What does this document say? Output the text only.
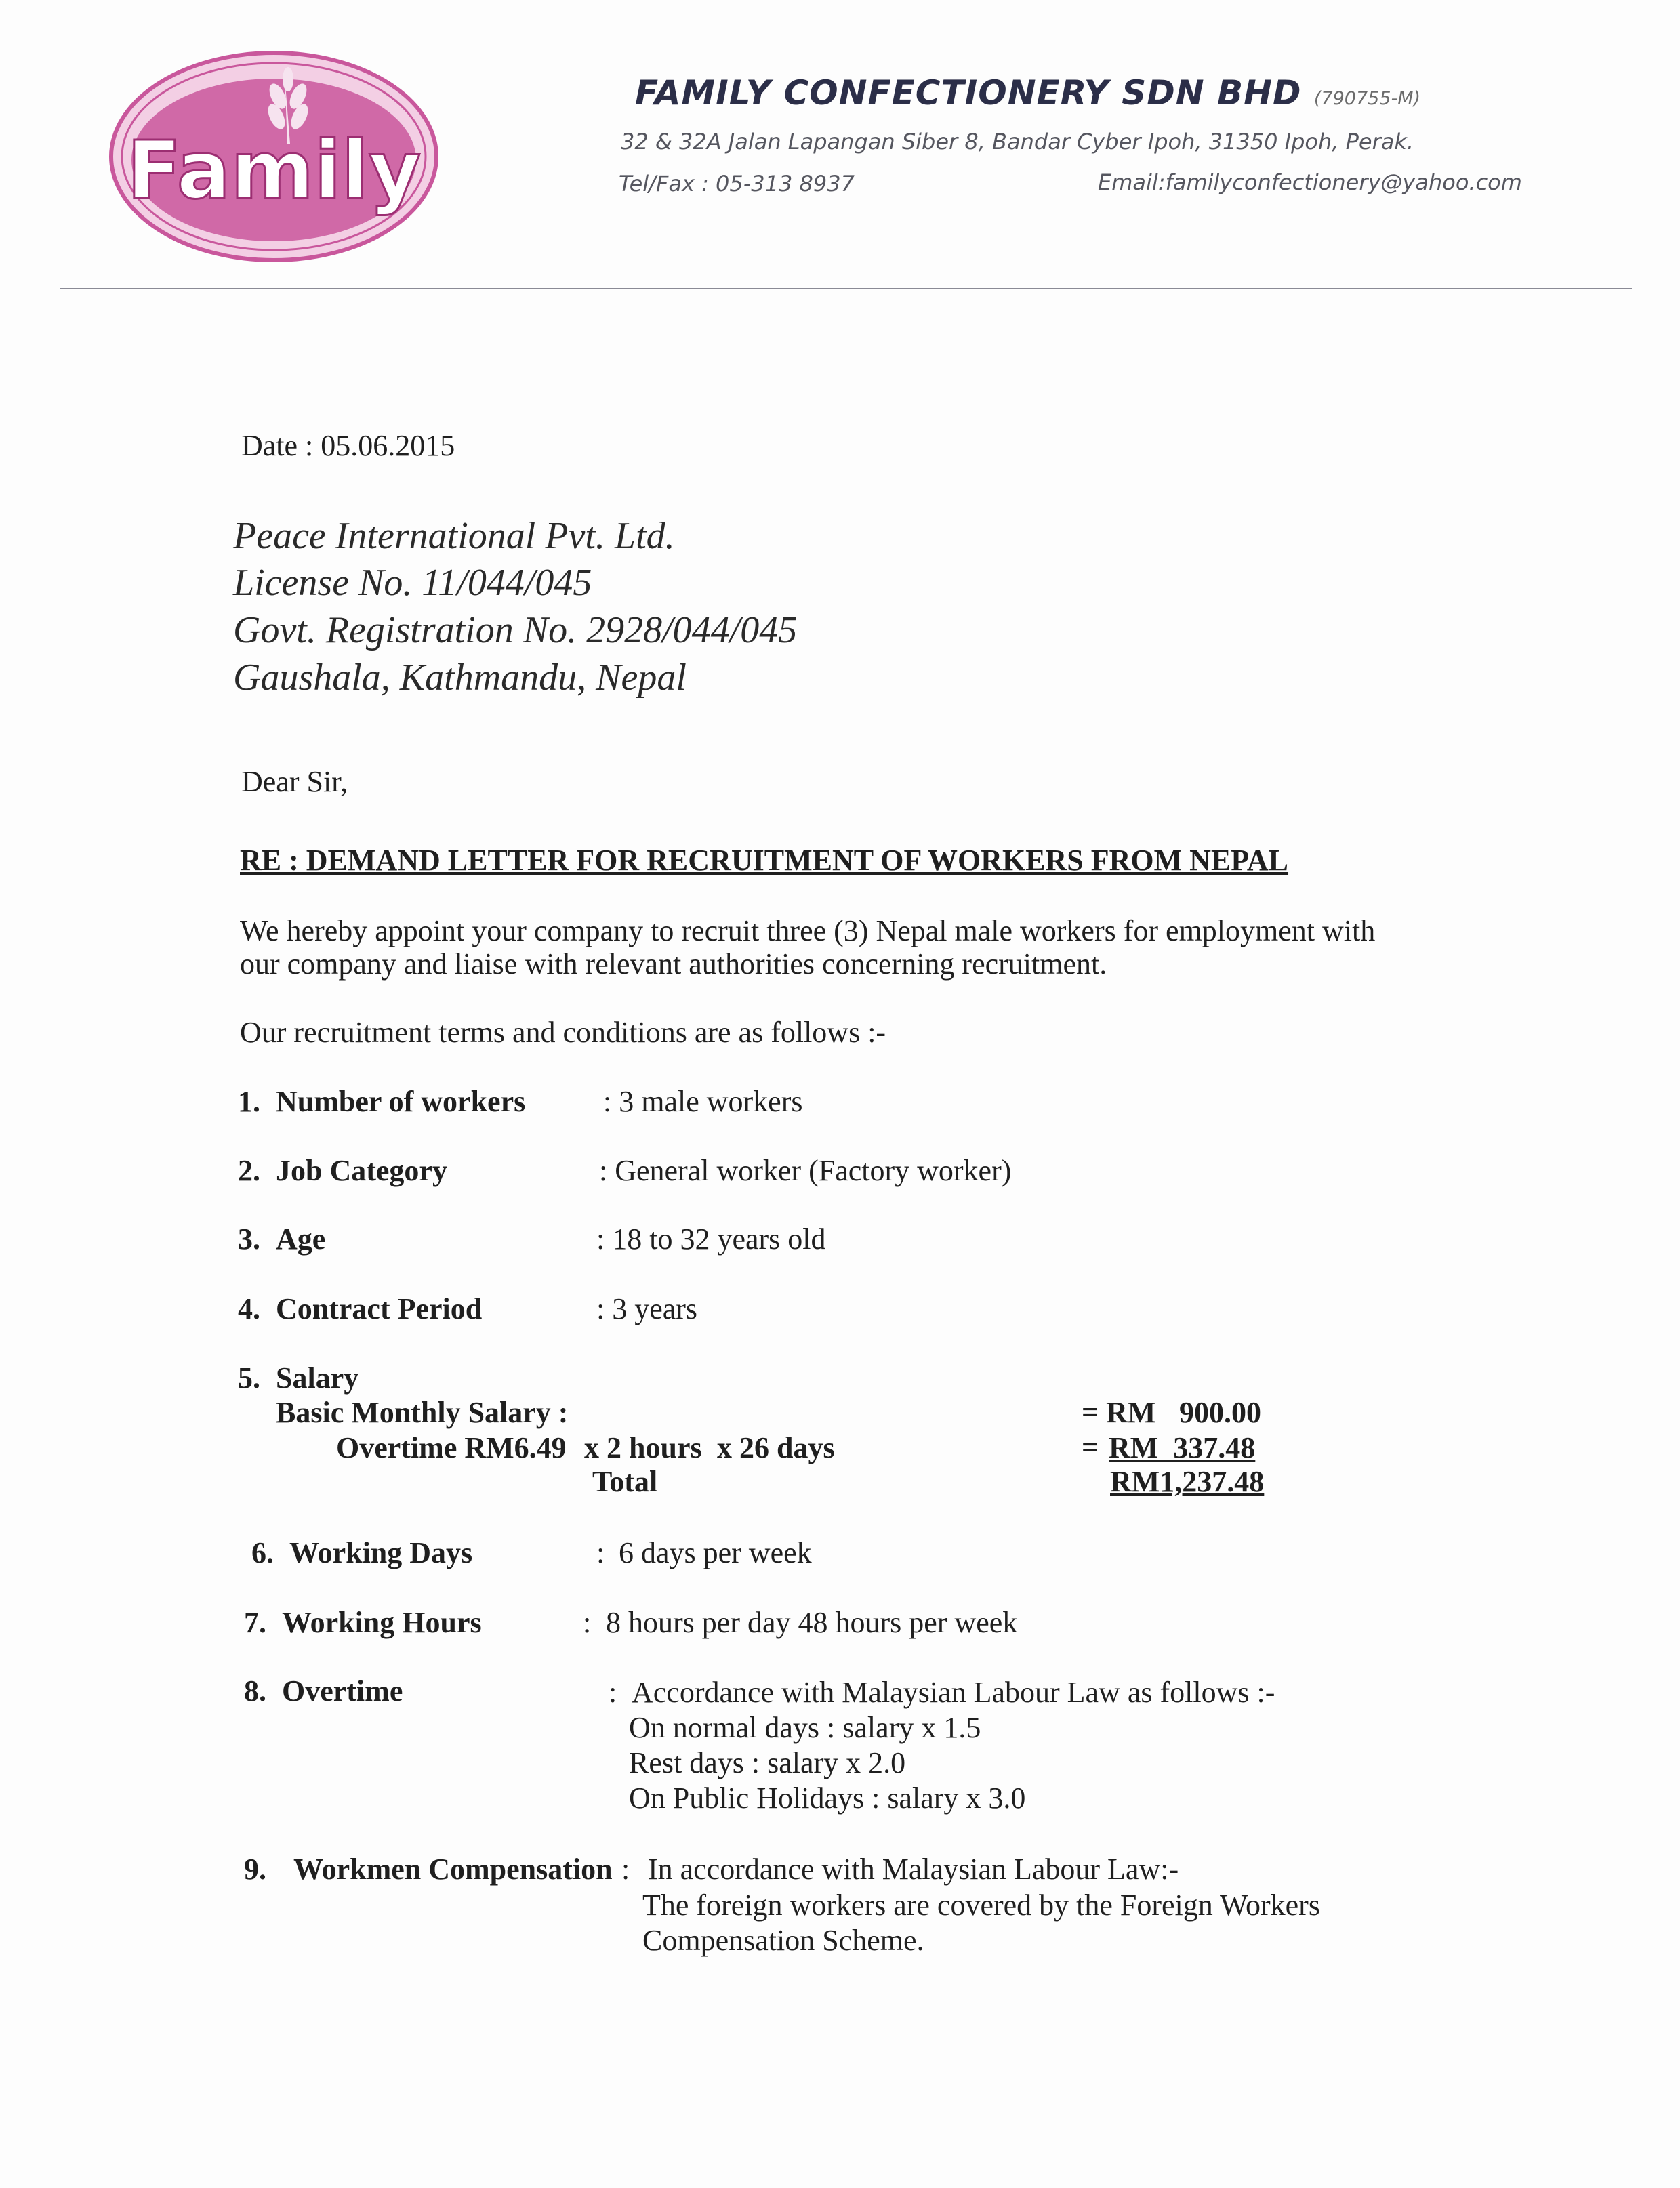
Family
FAMILY CONFECTIONERY SDN BHD (790755-M)
32 & 32A Jalan Lapangan Siber 8, Bandar Cyber Ipoh, 31350 Ipoh, Perak.
Tel/Fax : 05-313 8937	Email:familyconfectionery@yahoo.com
Date : 05.06.2015
Peace International Pvt. Ltd.
License No. 11/044/045
Govt. Registration No. 2928/044/045
Gaushala, Kathmandu, Nepal
Dear Sir,
RE : DEMAND LETTER FOR RECRUITMENT OF WORKERS FROM NEPAL
We hereby appoint your company to recruit three (3) Nepal male workers for employment with
our company and liaise with relevant authorities concerning recruitment.
Our recruitment terms and conditions are as follows :-
1. Number of workers	: 3 male workers
2. Job Category	: General worker (Factory worker)
3. Age	: 18 to 32 years old
4. Contract Period	: 3 years
5. Salary
Basic Monthly Salary :	= RM 900.00
Overtime RM6.49 x 2 hours x 26 days	= RM  337.48
Total	RM1,237.48
6. Working Days	: 6 days per week
7. Working Hours	: 8 hours per day 48 hours per week
8. Overtime	: Accordance with Malaysian Labour Law as follows :-
On normal days : salary x 1.5
Rest days : salary x 2.0
On Public Holidays : salary x 3.0
9. Workmen Compensation : In accordance with Malaysian Labour Law:-
The foreign workers are covered by the Foreign Workers
Compensation Scheme.
